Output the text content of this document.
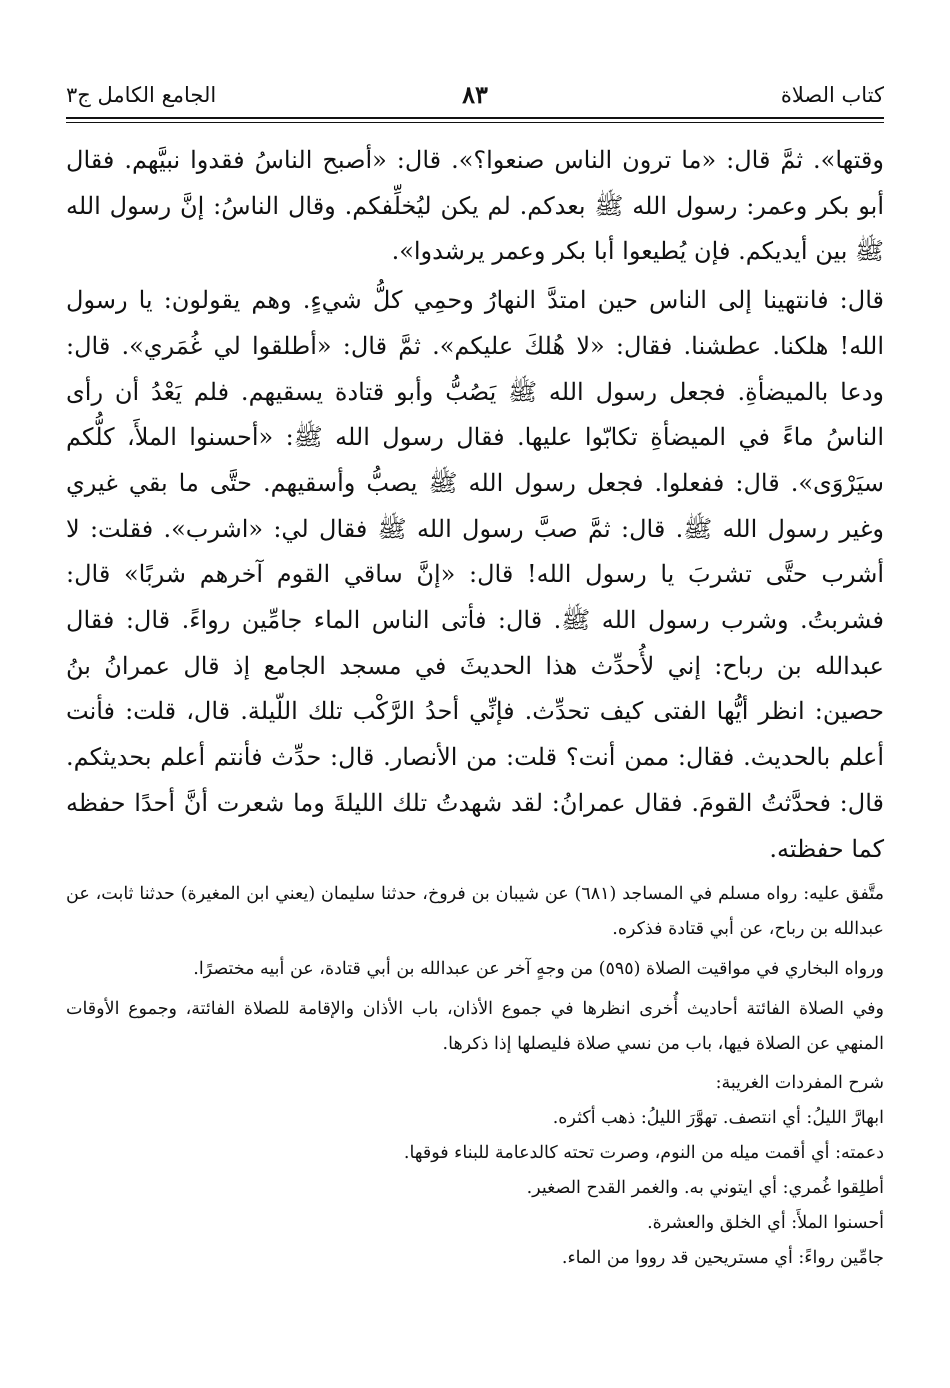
كتاب الصلاة
٨٣
الجامع الكامل ج٣

وقتها». ثمَّ قال: «ما ترون الناس صنعوا؟». قال: «أصبح الناسُ فقدوا نبيَّهم. فقال أبو بكر وعمر: رسول الله ﷺ بعدكم. لم يكن ليُخلِّفكم. وقال الناسُ: إنَّ رسول الله ﷺ بين أيديكم. فإن يُطيعوا أبا بكر وعمر يرشدوا».

قال: فانتهينا إلى الناس حين امتدَّ النهارُ وحمِي كلُّ شيءٍ. وهم يقولون: يا رسول الله! هلكنا. عطشنا. فقال: «لا هُلكَ عليكم». ثمَّ قال: «أطلقوا لي غُمَري». قال: ودعا بالميضأةِ. فجعل رسول الله ﷺ يَصُبُّ وأبو قتادة يسقيهم. فلم يَعْدُ أن رأى الناسُ ماءً في الميضأةِ تكابّوا عليها. فقال رسول الله ﷺ: «أحسنوا الملأَ، كلُّكم سيَرْوَى». قال: ففعلوا. فجعل رسول الله ﷺ يصبُّ وأسقيهم. حتَّى ما بقي غيري وغير رسول الله ﷺ. قال: ثمَّ صبَّ رسول الله ﷺ فقال لي: «اشرب». فقلت: لا أشرب حتَّى تشربَ يا رسول الله! قال: «إنَّ ساقي القوم آخرهم شربًا» قال: فشربتُ. وشرب رسول الله ﷺ. قال: فأتى الناس الماء جامِّين رواءً. قال: فقال عبدالله بن رباح: إني لأُحدِّث هذا الحديثَ في مسجد الجامع إذ قال عمرانُ بنُ حصين: انظر أيُّها الفتى كيف تحدِّث. فإنِّي أحدُ الرَّكْب تلك اللّيلة. قال، قلت: فأنت أعلم بالحديث. فقال: ممن أنت؟ قلت: من الأنصار. قال: حدِّث فأنتم أعلم بحديثكم. قال: فحدَّثتُ القومَ. فقال عمرانُ: لقد شهدتُ تلك الليلةَ وما شعرت أنَّ أحدًا حفظه كما حفظته.

متَّفق عليه: رواه مسلم في المساجد (٦٨١) عن شيبان بن فروخ، حدثنا سليمان (يعني ابن المغيرة) حدثنا ثابت، عن عبدالله بن رباح، عن أبي قتادة فذكره.

ورواه البخاري في مواقيت الصلاة (٥٩٥) من وجهٍ آخر عن عبدالله بن أبي قتادة، عن أبيه مختصرًا.

وفي الصلاة الفائتة أحاديث أُخرى انظرها في جموع الأذان، باب الأذان والإقامة للصلاة الفائتة، وجموع الأوقات المنهي عن الصلاة فيها، باب من نسي صلاة فليصلها إذا ذكرها.

شرح المفردات الغريبة:

ابهارَّ الليلُ: أي انتصف. تهوَّرَ الليلُ: ذهب أكثره.

دعمته: أي أقمت ميله من النوم، وصرت تحته كالدعامة للبناء فوقها.

أطلِقوا غُمري: أي ايتوني به. والغمر القدح الصغير.

أحسنوا الملأَ: أي الخلق والعشرة.

جامِّين رواءً: أي مستريحين قد رووا من الماء.
